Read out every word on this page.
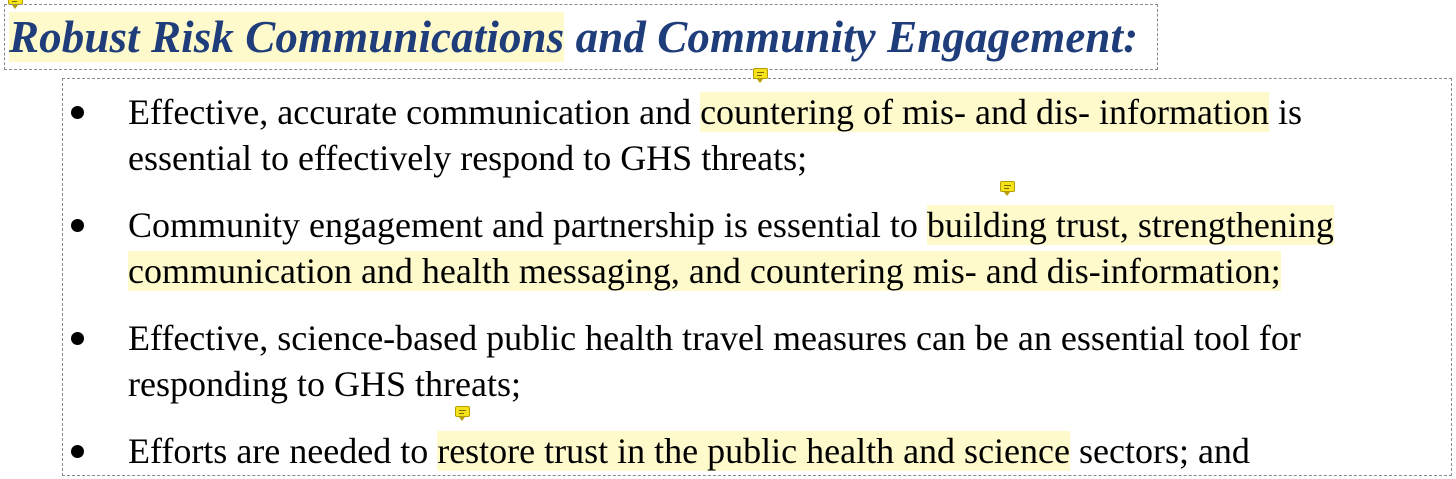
Robust Risk Communications and Community Engagement:
Effective, accurate communication and countering of mis- and dis- information is
essential to effectively respond to GHS threats;
Community engagement and partnership is essential to building trust, strengthening
communication and health messaging, and countering mis- and dis-information;
Effective, science-based public health travel measures can be an essential tool for
responding to GHS threats;
Efforts are needed to restore trust in the public health and science sectors; and
